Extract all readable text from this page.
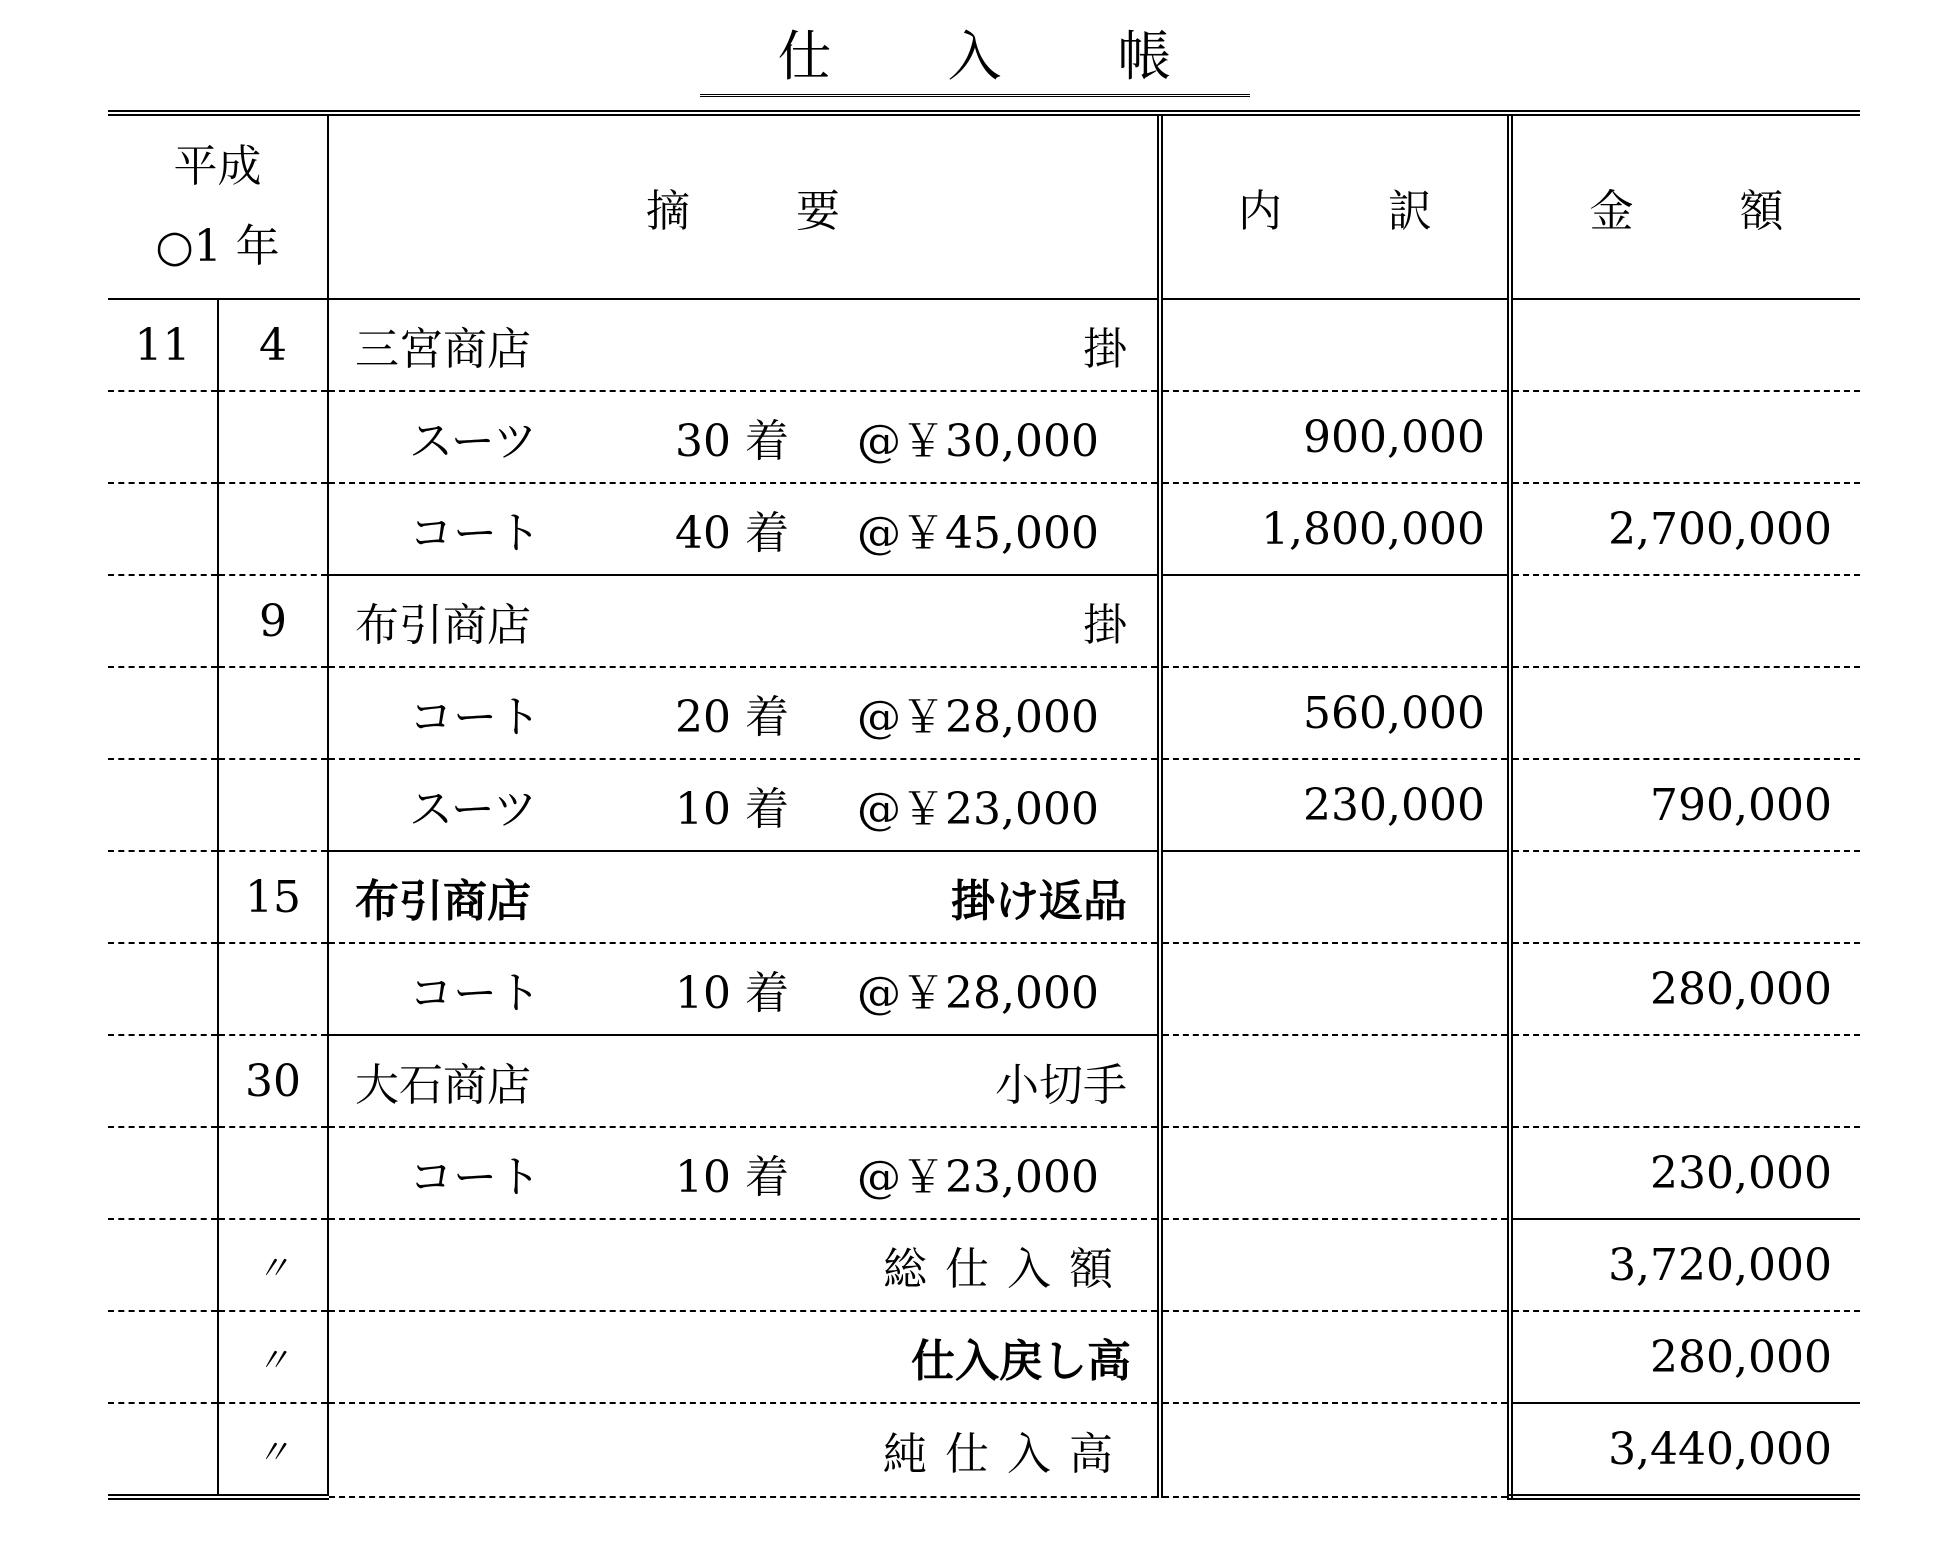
仕 入 帳
平成
○1 年		摘 要	内 訳	金 額
11	4	三宮商店 掛		

		スーツ 30 着 @￥30,000	900,000	

		コート 40 着 @￥45,000	1,800,000	2,700,000
	9	布引商店 掛		

		コート 20 着 @￥28,000	560,000	

		スーツ 10 着 @￥23,000	230,000	790,000
	15	布引商店 掛け返品		

		コート 10 着 @￥28,000		280,000
	30	大石商店 小切手		

		コート 10 着 @￥23,000		230,000
	〃	総仕入額		3,720,000
	〃	仕入戻し高		280,000
	〃	純仕入高		3,440,000
